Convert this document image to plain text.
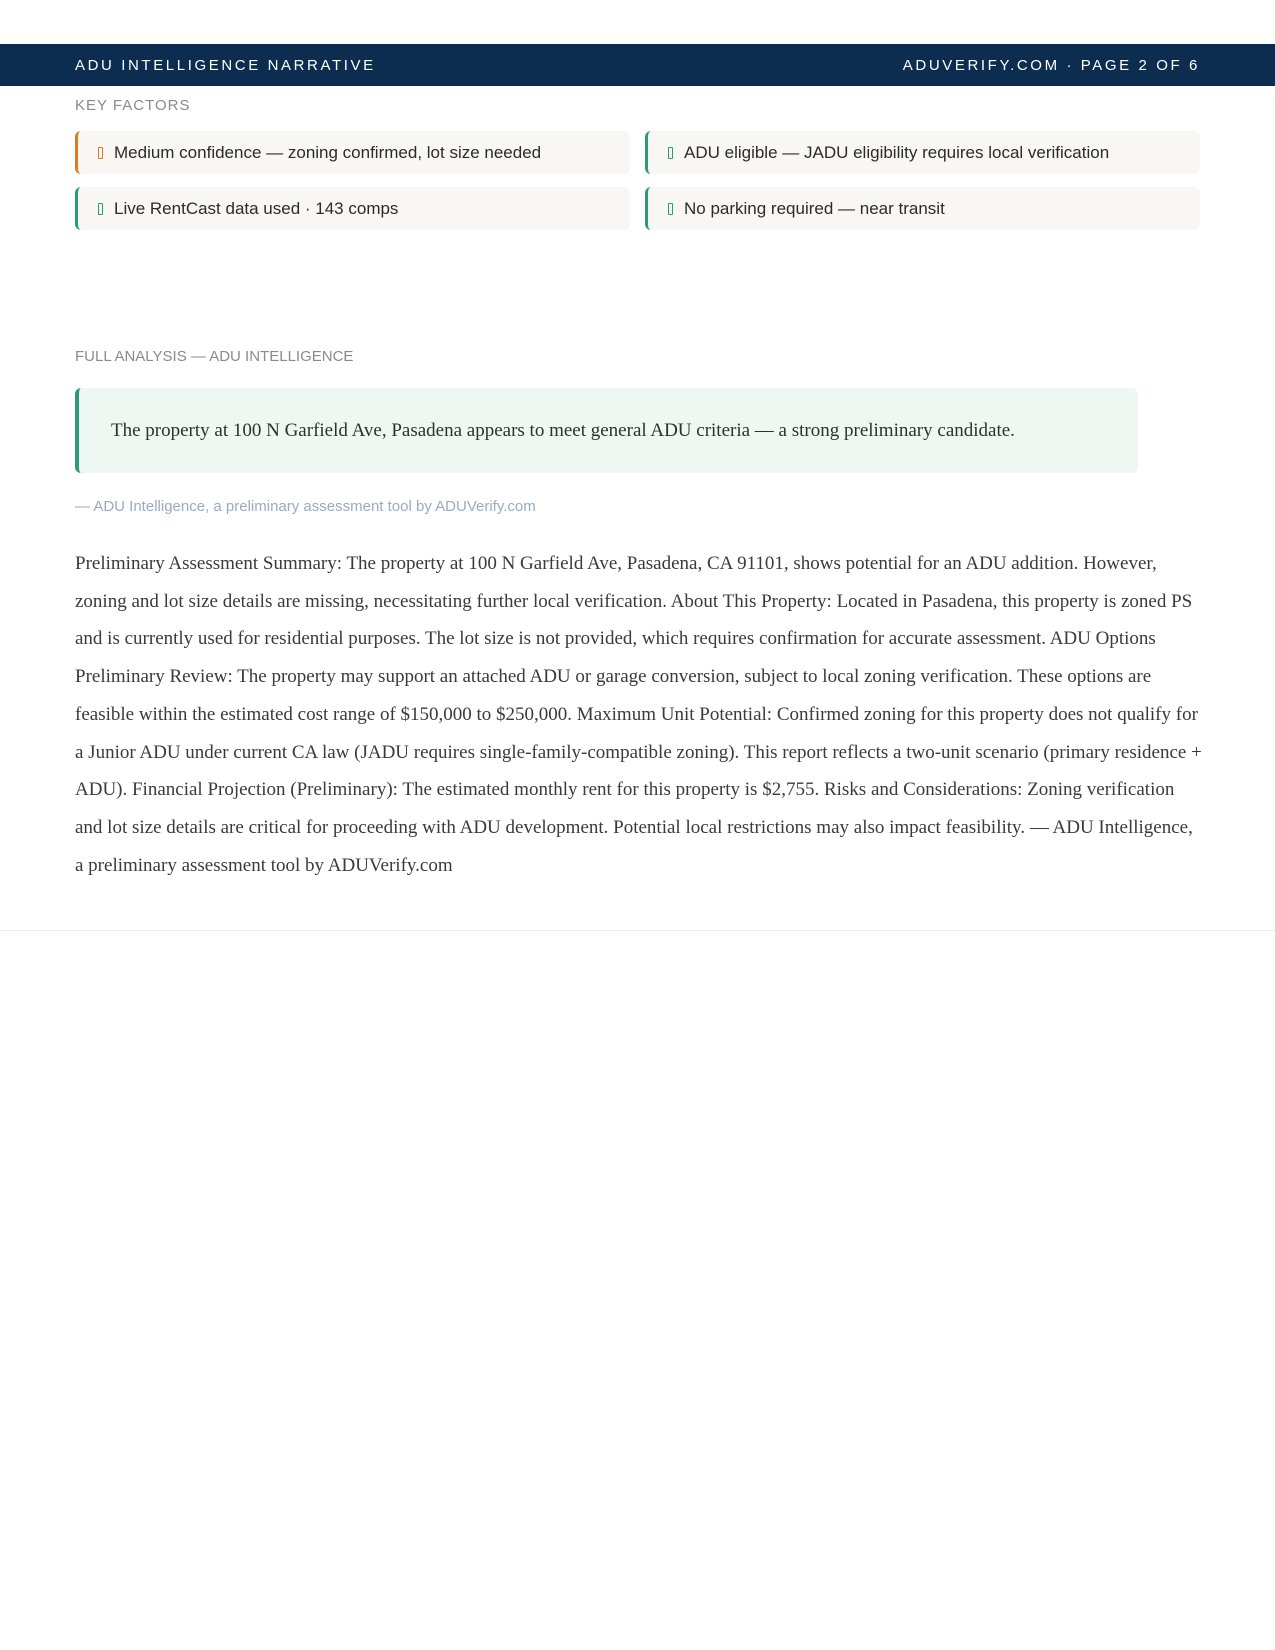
ADU INTELLIGENCE NARRATIVE	ADUVERIFY.COM · PAGE 2 OF 6
KEY FACTORS
Medium confidence — zoning confirmed, lot size needed	ADU eligible — JADU eligibility requires local verification
Live RentCast data used · 143 comps	No parking required — near transit
FULL ANALYSIS — ADU INTELLIGENCE
The property at 100 N Garfield Ave, Pasadena appears to meet general ADU criteria — a strong preliminary candidate.
— ADU Intelligence, a preliminary assessment tool by ADUVerify.com

Preliminary Assessment Summary: The property at 100 N Garfield Ave, Pasadena, CA 91101, shows potential for an ADU addition. However, zoning and lot size details are missing, necessitating further local verification. About This Property: Located in Pasadena, this property is zoned PS and is currently used for residential purposes. The lot size is not provided, which requires confirmation for accurate assessment. ADU Options Preliminary Review: The property may support an attached ADU or garage conversion, subject to local zoning verification. These options are feasible within the estimated cost range of $150,000 to $250,000. Maximum Unit Potential: Confirmed zoning for this property does not qualify for a Junior ADU under current CA law (JADU requires single-family-compatible zoning). This report reflects a two-unit scenario (primary residence + ADU). Financial Projection (Preliminary): The estimated monthly rent for this property is $2,755. Risks and Considerations: Zoning verification and lot size details are critical for proceeding with ADU development. Potential local restrictions may also impact feasibility. — ADU Intelligence, a preliminary assessment tool by ADUVerify.com
